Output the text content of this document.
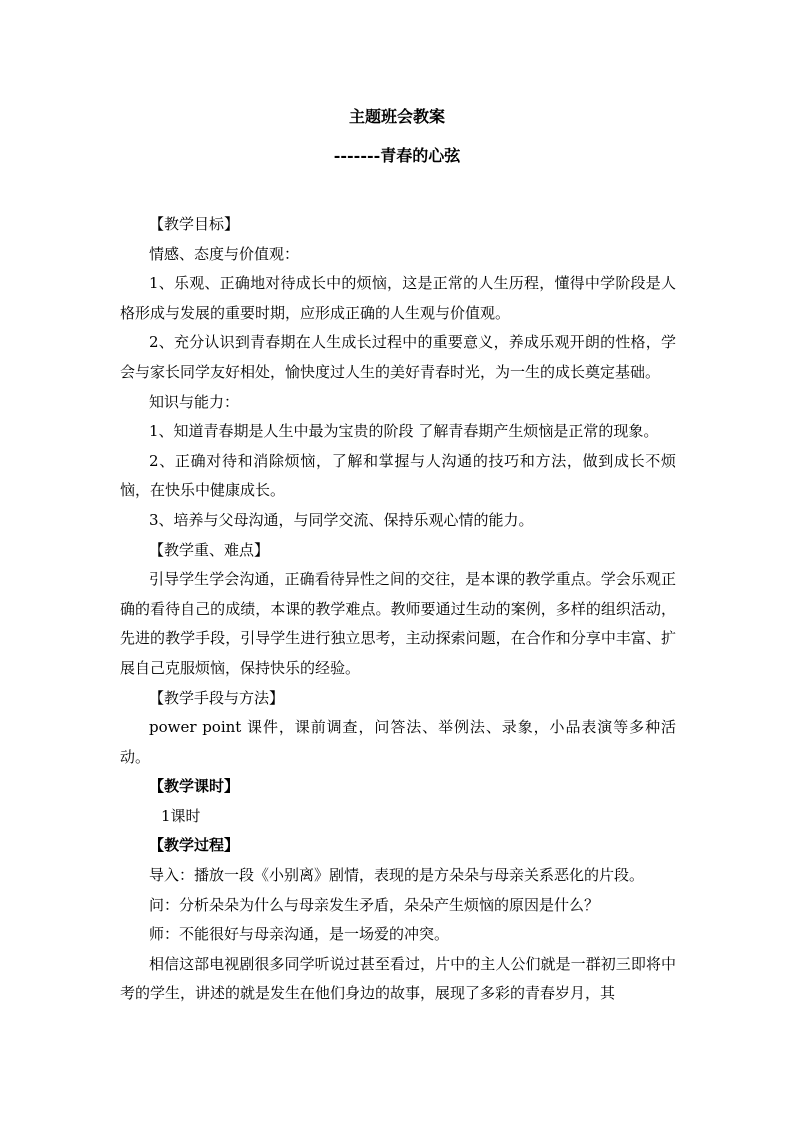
主题班会教案
-------青春的心弦

【教学目标】

情感、态度与价值观：

1、乐观、正确地对待成长中的烦恼，这是正常的人生历程，懂得中学阶段是人格形成与发展的重要时期，应形成正确的人生观与价值观。

2、充分认识到青春期在人生成长过程中的重要意义，养成乐观开朗的性格，学会与家长同学友好相处，愉快度过人生的美好青春时光，为一生的成长奠定基础。

知识与能力：

1、知道青春期是人生中最为宝贵的阶段 了解青春期产生烦恼是正常的现象。

2、正确对待和消除烦恼，了解和掌握与人沟通的技巧和方法，做到成长不烦恼，在快乐中健康成长。

3、培养与父母沟通，与同学交流、保持乐观心情的能力。

【教学重、难点】

引导学生学会沟通，正确看待异性之间的交往，是本课的教学重点。学会乐观正确的看待自己的成绩，本课的教学难点。教师要通过生动的案例，多样的组织活动，先进的教学手段，引导学生进行独立思考，主动探索问题，在合作和分享中丰富、扩展自己克服烦恼，保持快乐的经验。

【教学手段与方法】

power point 课件，课前调查，问答法、举例法、录象，小品表演等多种活动。

【教学课时】

1课时

【教学过程】

导入：播放一段《小别离》剧情，表现的是方朵朵与母亲关系恶化的片段。

问：分析朵朵为什么与母亲发生矛盾，朵朵产生烦恼的原因是什么？

师：不能很好与母亲沟通，是一场爱的冲突。

相信这部电视剧很多同学听说过甚至看过，片中的主人公们就是一群初三即将中考的学生，讲述的就是发生在他们身边的故事，展现了多彩的青春岁月，其
